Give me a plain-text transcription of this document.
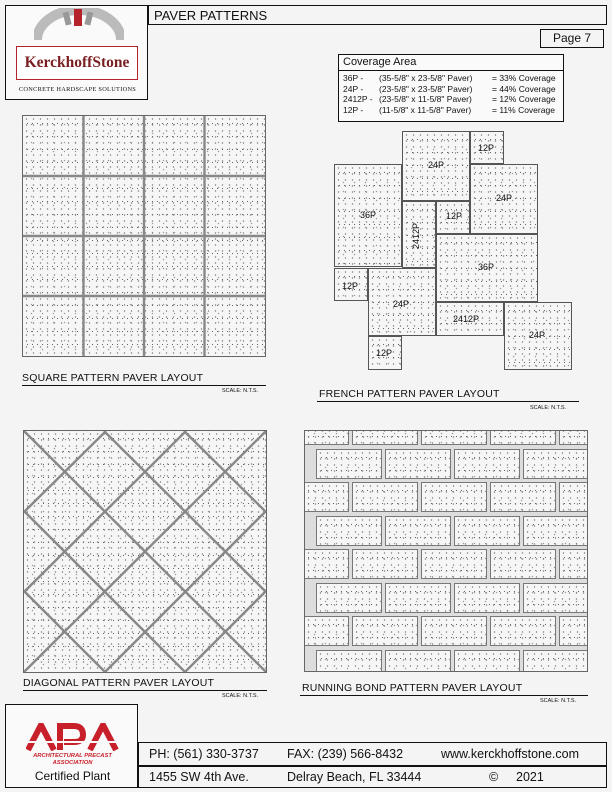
KerckhoffStone
CONCRETE HARDSCAPE SOLUTIONS
PAVER PATTERNS
Page 7
Coverage Area
36P -	(35-5/8" x 23-5/8" Paver)	= 33% Coverage
24P -	(23-5/8" x 23-5/8" Paver)	= 44% Coverage
2412P - (23-5/8" x 11-5/8" Paver)	= 12% Coverage
12P -	(11-5/8" x 11-5/8" Paver)	= 11% Coverage
SQUARE PATTERN PAVER LAYOUT
SCALE: N.T.S.
24P
12P
24P
36P
2412P
12P
36P
12P
24P
2412P
24P
12P
FRENCH PATTERN PAVER LAYOUT
SCALE: N.T.S.
DIAGONAL PATTERN PAVER LAYOUT
SCALE: N.T.S.
RUNNING BOND PATTERN PAVER LAYOUT
SCALE: N.T.S.
ARCHITECTURAL PRECAST
ASSOCIATION
Certified Plant
PH: (561) 330-3737 FAX: (239) 566-8432	www.kerckhoffstone.com
1455 SW 4th Ave.	Delray Beach, FL 33444	© 2021
